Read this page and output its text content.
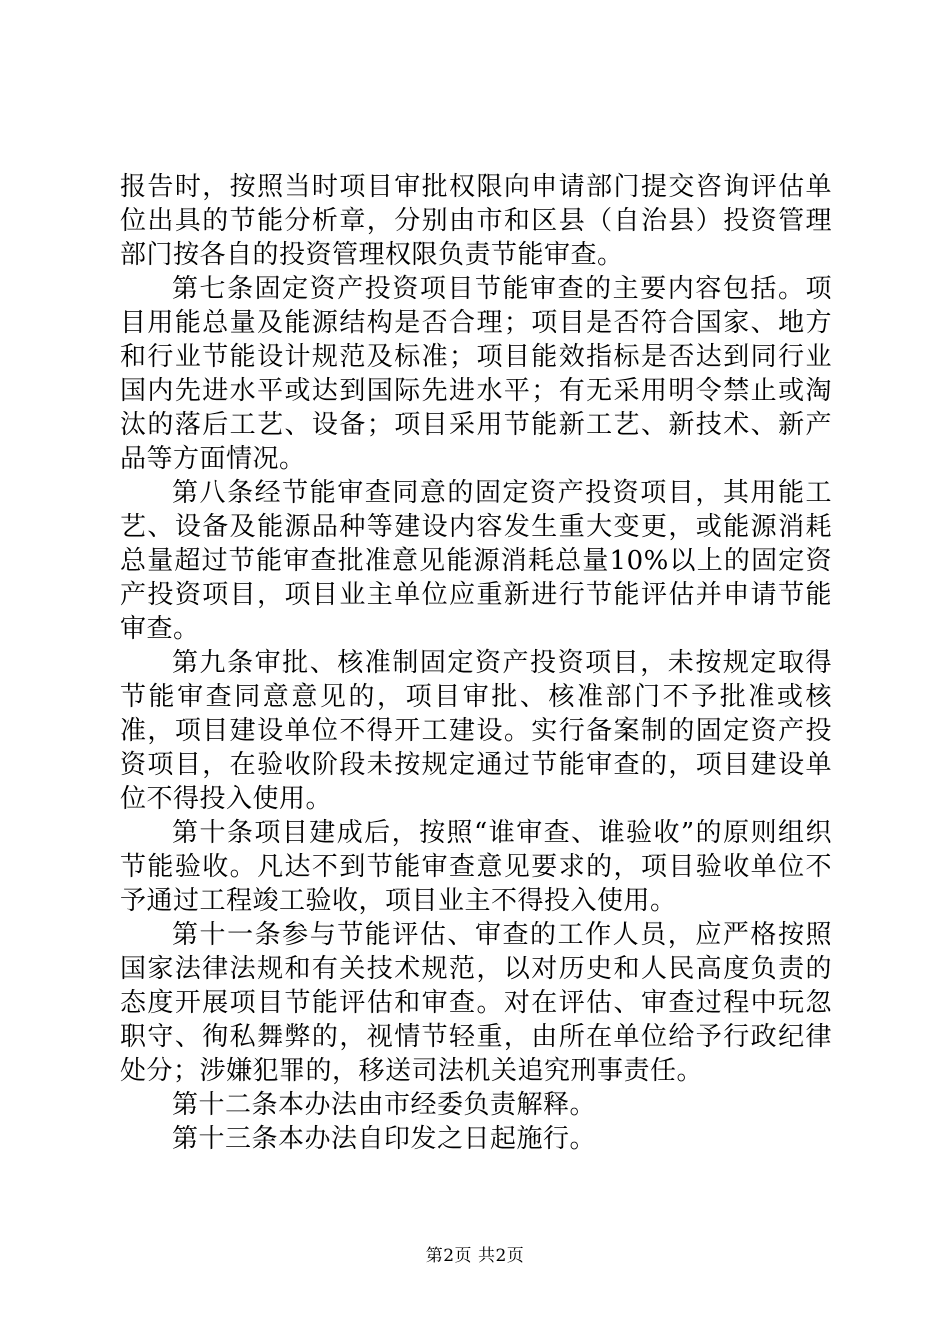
报告时，按照当时项目审批权限向申请部门提交咨询评估单位出具的节能分析章，分别由市和区县（自治县）投资管理部门按各自的投资管理权限负责节能审查。

第七条固定资产投资项目节能审查的主要内容包括。项目用能总量及能源结构是否合理；项目是否符合国家、地方和行业节能设计规范及标准；项目能效指标是否达到同行业国内先进水平或达到国际先进水平；有无采用明令禁止或淘汰的落后工艺、设备；项目采用节能新工艺、新技术、新产品等方面情况。

第八条经节能审查同意的固定资产投资项目，其用能工艺、设备及能源品种等建设内容发生重大变更，或能源消耗总量超过节能审查批准意见能源消耗总量10%以上的固定资产投资项目，项目业主单位应重新进行节能评估并申请节能审查。

第九条审批、核准制固定资产投资项目，未按规定取得节能审查同意意见的，项目审批、核准部门不予批准或核准，项目建设单位不得开工建设。实行备案制的固定资产投资项目，在验收阶段未按规定通过节能审查的，项目建设单位不得投入使用。

第十条项目建成后，按照“谁审查、谁验收”的原则组织节能验收。凡达不到节能审查意见要求的，项目验收单位不予通过工程竣工验收，项目业主不得投入使用。

第十一条参与节能评估、审查的工作人员，应严格按照国家法律法规和有关技术规范，以对历史和人民高度负责的态度开展项目节能评估和审查。对在评估、审查过程中玩忽职守、徇私舞弊的，视情节轻重，由所在单位给予行政纪律处分；涉嫌犯罪的，移送司法机关追究刑事责任。

第十二条本办法由市经委负责解释。

第十三条本办法自印发之日起施行。

第2页 共2页
